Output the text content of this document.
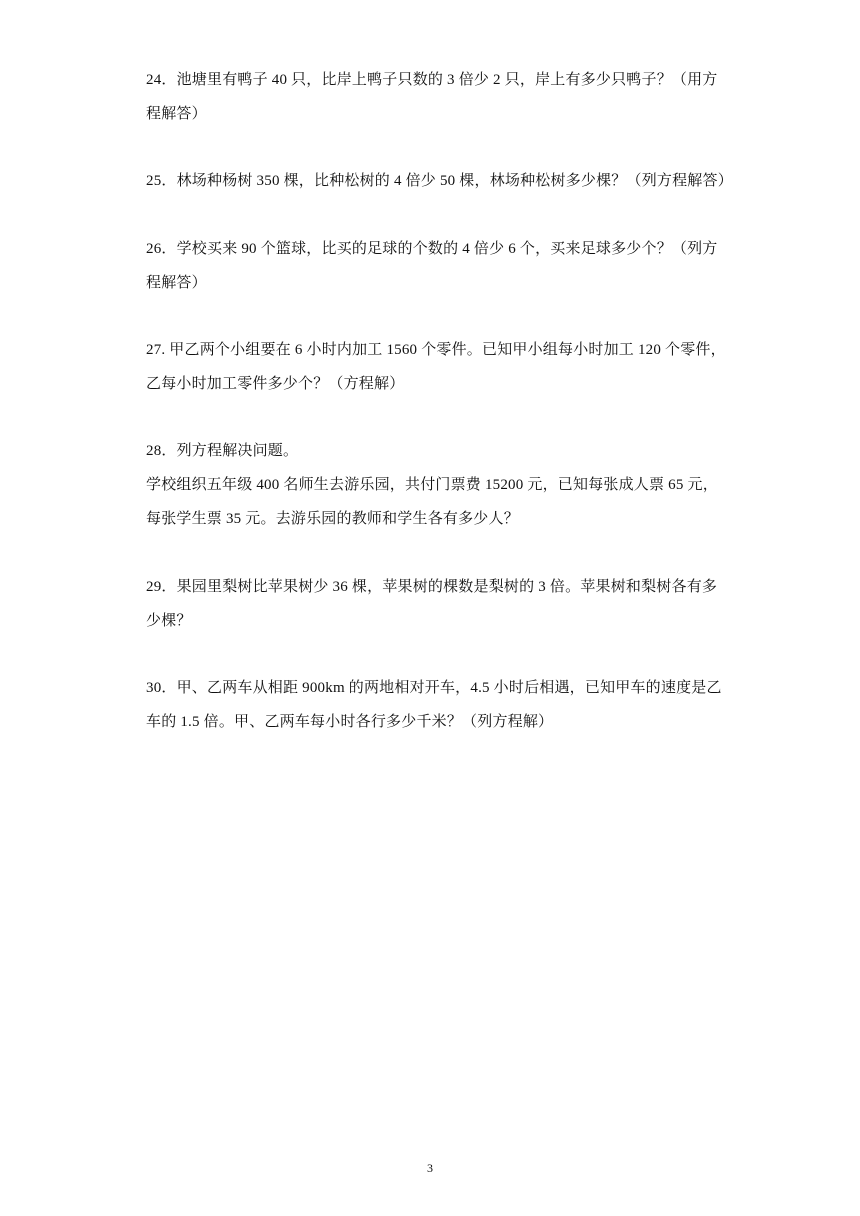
24．池塘里有鸭子 40 只，比岸上鸭子只数的 3 倍少 2 只，岸上有多少只鸭子？（用方
程解答）

25．林场种杨树 350 棵，比种松树的 4 倍少 50 棵，林场种松树多少棵？（列方程解答）

26．学校买来 90 个篮球，比买的足球的个数的 4 倍少 6 个，买来足球多少个？（列方
程解答）

27. 甲乙两个小组要在 6 小时内加工 1560 个零件。已知甲小组每小时加工 120 个零件，
乙每小时加工零件多少个？（方程解）

28．列方程解决问题。
学校组织五年级 400 名师生去游乐园，共付门票费 15200 元，已知每张成人票 65 元，
每张学生票 35 元。去游乐园的教师和学生各有多少人？

29．果园里梨树比苹果树少 36 棵，苹果树的棵数是梨树的 3 倍。苹果树和梨树各有多
少棵？

30．甲、乙两车从相距 900km 的两地相对开车，4.5 小时后相遇，已知甲车的速度是乙
车的 1.5 倍。甲、乙两车每小时各行多少千米？（列方程解）

3
